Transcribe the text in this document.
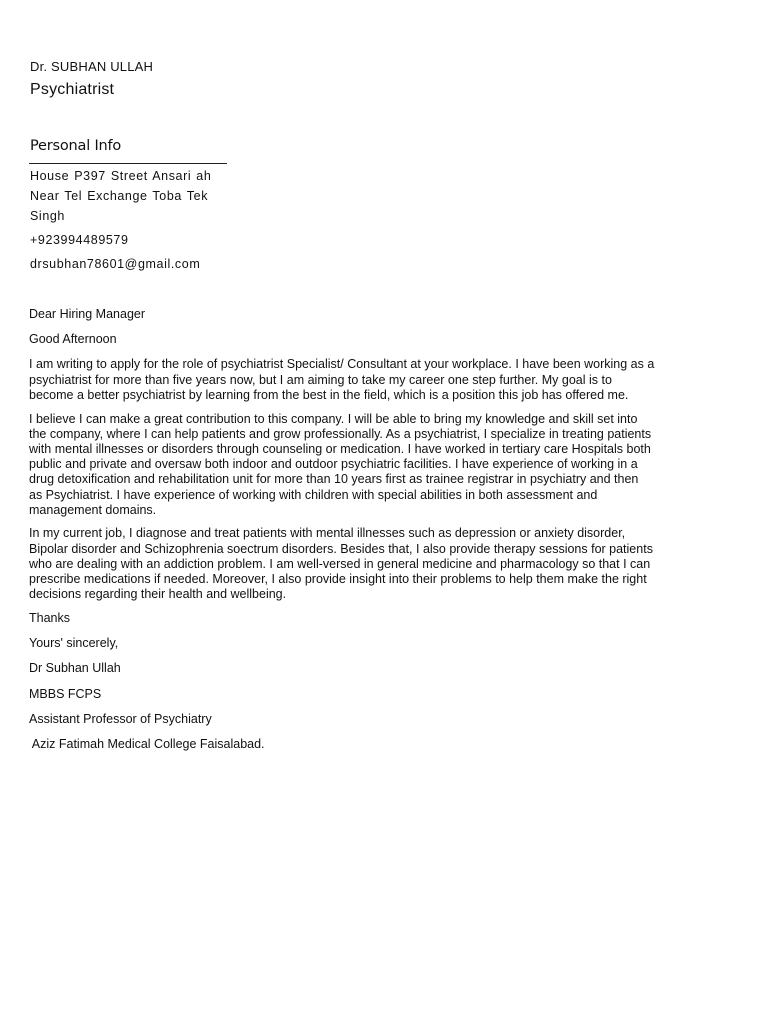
Dr. SUBHAN ULLAH
Psychiatrist
Personal Info
House P397 Street Ansari ah Near Tel Exchange Toba Tek Singh
+923994489579
drsubhan78601@gmail.com

Dear Hiring Manager

Good Afternoon

I am writing to apply for the role of psychiatrist Specialist/ Consultant at your workplace. I have been working as a psychiatrist for more than five years now, but I am aiming to take my career one step further. My goal is to become a better psychiatrist by learning from the best in the field, which is a position this job has offered me.

I believe I can make a great contribution to this company. I will be able to bring my knowledge and skill set into the company, where I can help patients and grow professionally. As a psychiatrist, I specialize in treating patients with mental illnesses or disorders through counseling or medication. I have worked in tertiary care Hospitals both public and private and oversaw both indoor and outdoor psychiatric facilities. I have experience of working in a drug detoxification and rehabilitation unit for more than 10 years first as trainee registrar in psychiatry and then as Psychiatrist. I have experience of working with children with special abilities in both assessment and management domains.

In my current job, I diagnose and treat patients with mental illnesses such as depression or anxiety disorder, Bipolar disorder and Schizophrenia soectrum disorders. Besides that, I also provide therapy sessions for patients who are dealing with an addiction problem. I am well-versed in general medicine and pharmacology so that I can prescribe medications if needed. Moreover, I also provide insight into their problems to help them make the right decisions regarding their health and wellbeing.

Thanks

Yours' sincerely,

Dr Subhan Ullah

MBBS FCPS

Assistant Professor of Psychiatry

Aziz Fatimah Medical College Faisalabad.
